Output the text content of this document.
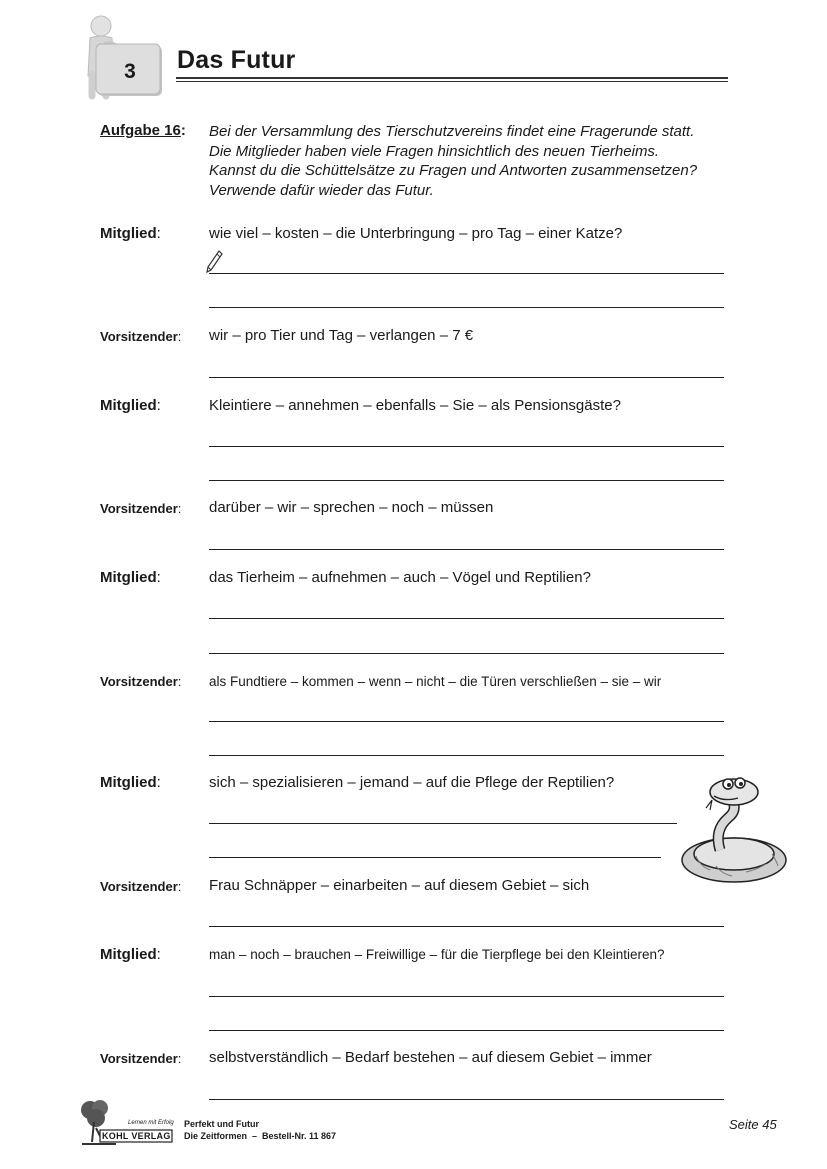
3	Das Futur
Aufgabe 16: Bei der Versammlung des Tierschutzvereins findet eine Fragerunde statt.
Die Mitglieder haben viele Fragen hinsichtlich des neuen Tierheims.
Kannst du die Schüttelsätze zu Fragen und Antworten zusammensetzen?
Verwende dafür wieder das Futur.
Mitglied:	wie viel – kosten – die Unterbringung – pro Tag – einer Katze?
Vorsitzender: wir – pro Tier und Tag – verlangen – 7 €
Mitglied:	Kleintiere – annehmen – ebenfalls – Sie – als Pensionsgäste?
Vorsitzender: darüber – wir – sprechen – noch – müssen
Mitglied:	das Tierheim – aufnehmen – auch – Vögel und Reptilien?
Vorsitzender: als Fundtiere – kommen – wenn – nicht – die Türen verschließen – sie – wir
Mitglied:	sich – spezialisieren – jemand – auf die Pflege der Reptilien?
Vorsitzender: Frau Schnäpper – einarbeiten – auf diesem Gebiet – sich
Mitglied:	man – noch – brauchen – Freiwillige – für die Tierpflege bei den Kleintieren?
Vorsitzender: selbstverständlich – Bedarf bestehen – auf diesem Gebiet – immer
Lernen mit Erfolg
KOHL VERLAG
Perfekt und Futur
Die Zeitformen  –  Bestell-Nr. 11 867
Seite 45
